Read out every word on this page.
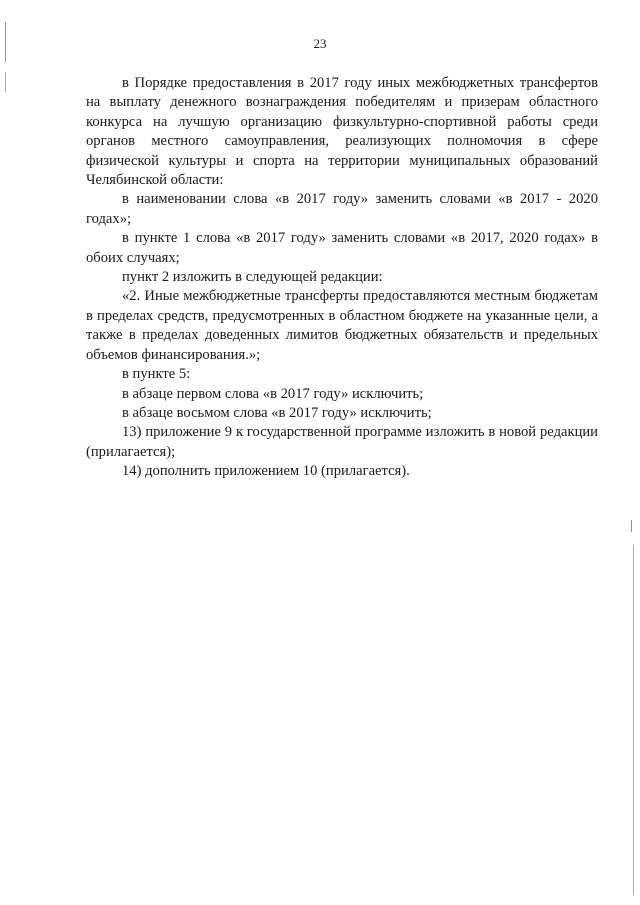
23

в Порядке предоставления в 2017 году иных межбюджетных трансфертов на выплату денежного вознаграждения победителям и призерам областного конкурса на лучшую организацию физкультурно-спортивной работы среди органов местного самоуправления, реализующих полномочия в сфере физической культуры и спорта на территории муниципальных образований Челябинской области:

в наименовании слова «в 2017 году» заменить словами «в 2017 - 2020 годах»;

в пункте 1 слова «в 2017 году» заменить словами «в 2017, 2020 годах» в обоих случаях;

пункт 2 изложить в следующей редакции:

«2. Иные межбюджетные трансферты предоставляются местным бюджетам в пределах средств, предусмотренных в областном бюджете на указанные цели, а также в пределах доведенных лимитов бюджетных обязательств и предельных объемов финансирования.»;

в пункте 5:

в абзаце первом слова «в 2017 году» исключить;

в абзаце восьмом слова «в 2017 году» исключить;

13) приложение 9 к государственной программе изложить в новой редакции (прилагается);

14) дополнить приложением 10 (прилагается).
